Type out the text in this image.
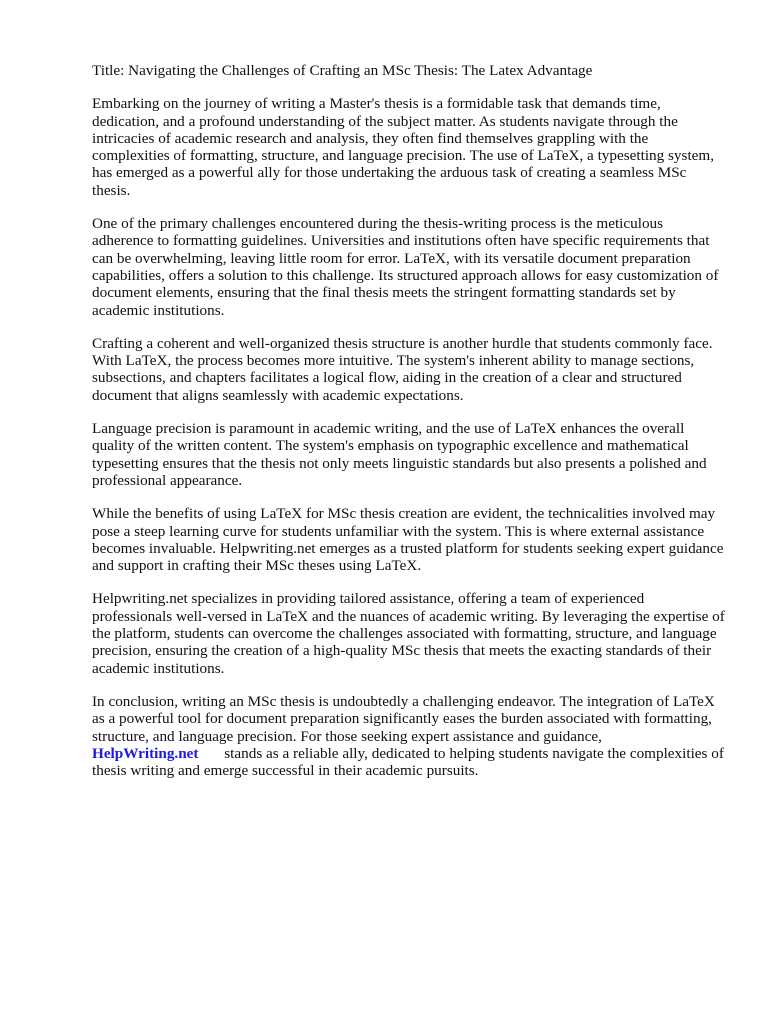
Title: Navigating the Challenges of Crafting an MSc Thesis: The Latex Advantage

Embarking on the journey of writing a Master's thesis is a formidable task that demands time, dedication, and a profound understanding of the subject matter. As students navigate through the intricacies of academic research and analysis, they often find themselves grappling with the complexities of formatting, structure, and language precision. The use of LaTeX, a typesetting system, has emerged as a powerful ally for those undertaking the arduous task of creating a seamless MSc thesis.

One of the primary challenges encountered during the thesis-writing process is the meticulous adherence to formatting guidelines. Universities and institutions often have specific requirements that can be overwhelming, leaving little room for error. LaTeX, with its versatile document preparation capabilities, offers a solution to this challenge. Its structured approach allows for easy customization of document elements, ensuring that the final thesis meets the stringent formatting standards set by academic institutions.

Crafting a coherent and well-organized thesis structure is another hurdle that students commonly face. With LaTeX, the process becomes more intuitive. The system's inherent ability to manage sections, subsections, and chapters facilitates a logical flow, aiding in the creation of a clear and structured document that aligns seamlessly with academic expectations.

Language precision is paramount in academic writing, and the use of LaTeX enhances the overall quality of the written content. The system's emphasis on typographic excellence and mathematical typesetting ensures that the thesis not only meets linguistic standards but also presents a polished and professional appearance.

While the benefits of using LaTeX for MSc thesis creation are evident, the technicalities involved may pose a steep learning curve for students unfamiliar with the system. This is where external assistance becomes invaluable. Helpwriting.net emerges as a trusted platform for students seeking expert guidance and support in crafting their MSc theses using LaTeX.

Helpwriting.net specializes in providing tailored assistance, offering a team of experienced professionals well-versed in LaTeX and the nuances of academic writing. By leveraging the expertise of the platform, students can overcome the challenges associated with formatting, structure, and language precision, ensuring the creation of a high-quality MSc thesis that meets the exacting standards of their academic institutions.

In conclusion, writing an MSc thesis is undoubtedly a challenging endeavor. The integration of LaTeX as a powerful tool for document preparation significantly eases the burden associated with formatting, structure, and language precision. For those seeking expert assistance and guidance, HelpWriting.net stands as a reliable ally, dedicated to helping students navigate the complexities of thesis writing and emerge successful in their academic pursuits.
